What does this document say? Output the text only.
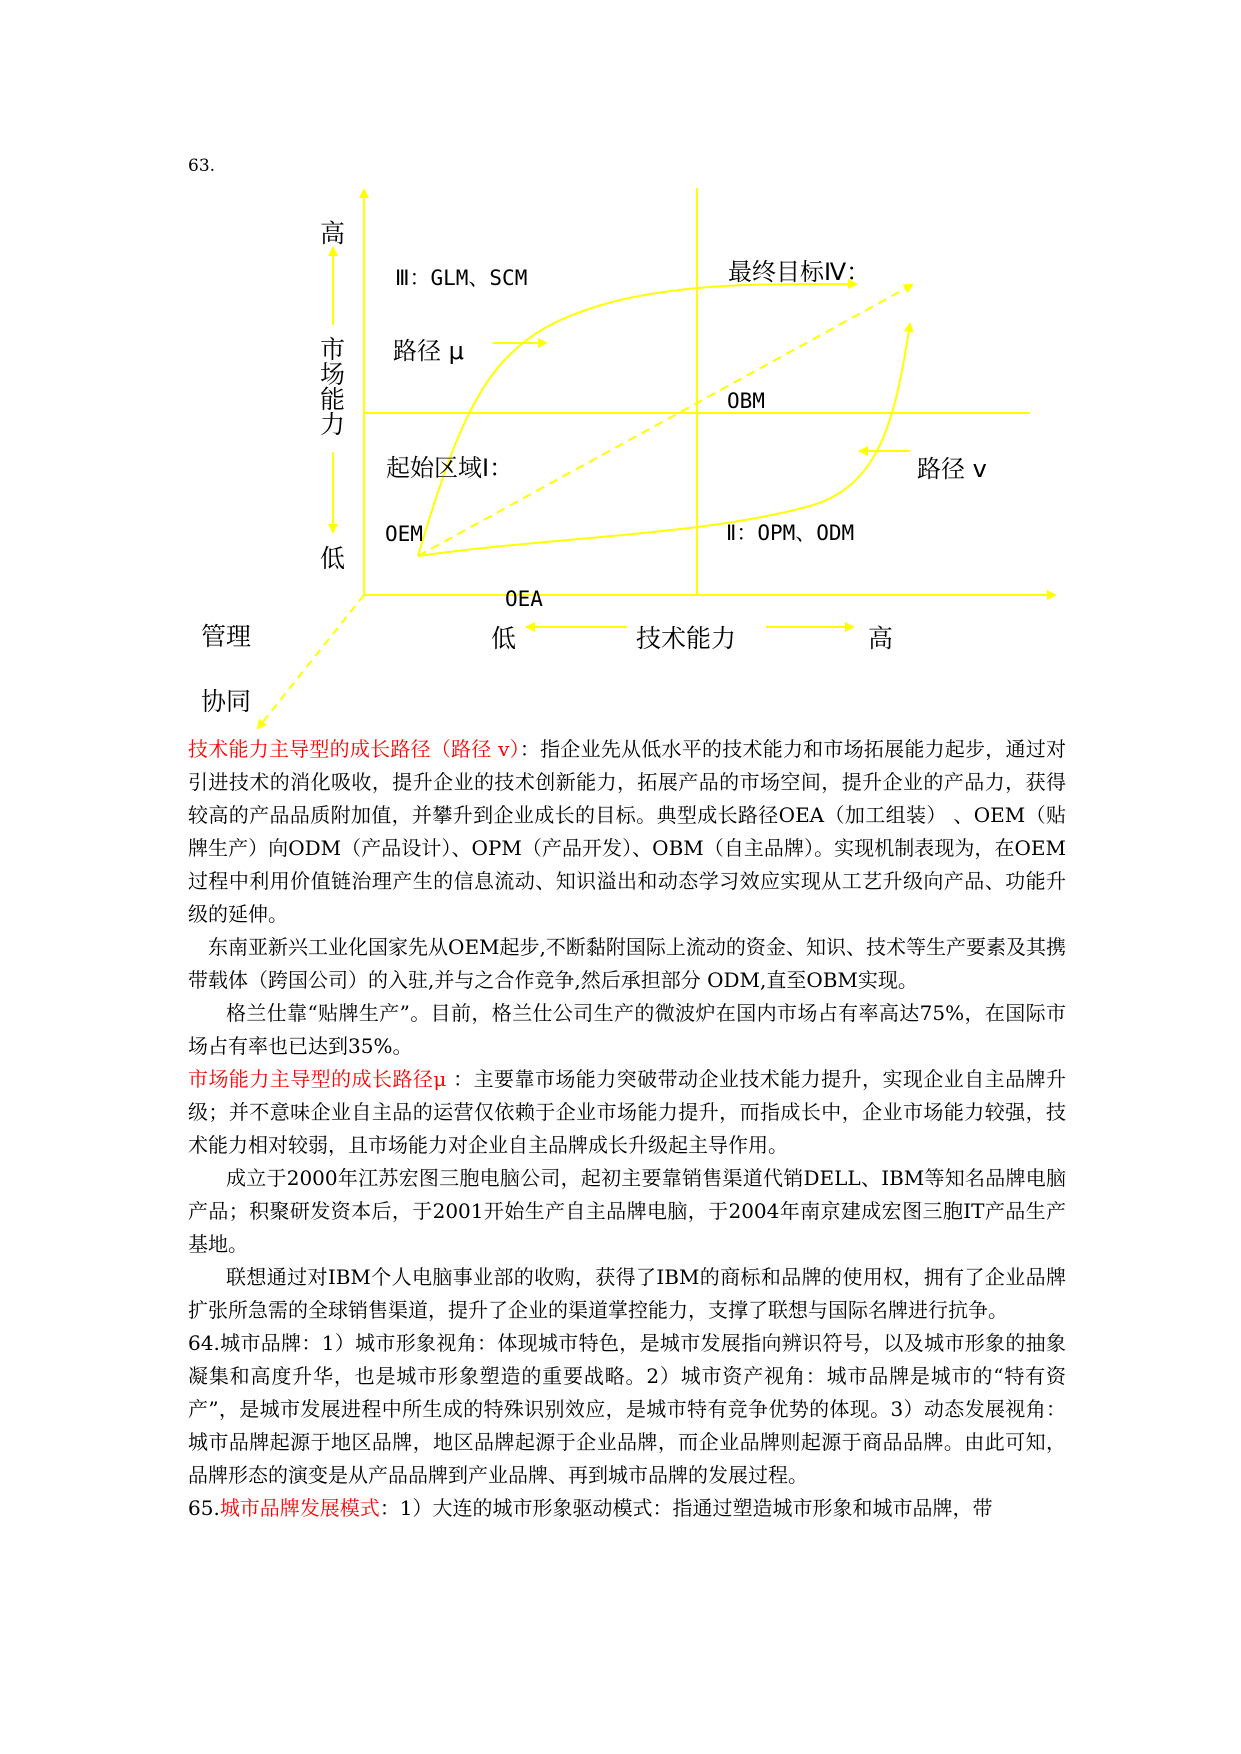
63.
高
市
场
能
力
低
Ⅲ：GLM、SCM	最终目标Ⅳ：
路径 μ
OBM
起始区域Ⅰ：	路径 v
OEM	Ⅱ：OPM、ODM
OEA
低	技术能力	高
管理
协同

技术能力主导型的成长路径（路径 v）：指企业先从低水平的技术能力和市场拓展能力起步，通过对引进技术的消化吸收，提升企业的技术创新能力，拓展产品的市场空间，提升企业的产品力，获得较高的产品品质附加值，并攀升到企业成长的目标。典型成长路径OEA（加工组装） 、OEM（贴牌生产）向ODM（产品设计）、OPM（产品开发）、OBM（自主品牌）。实现机制表现为，在OEM过程中利用价值链治理产生的信息流动、知识溢出和动态学习效应实现从工艺升级向产品、功能升级的延伸。

东南亚新兴工业化国家先从OEM起步,不断黏附国际上流动的资金、知识、技术等生产要素及其携带载体（跨国公司）的入驻,并与之合作竞争,然后承担部分 ODM,直至OBM实现。

格兰仕靠“贴牌生产”。目前，格兰仕公司生产的微波炉在国内市场占有率高达75%，在国际市场占有率也已达到35%。

市场能力主导型的成长路径μ ：主要靠市场能力突破带动企业技术能力提升，实现企业自主品牌升级；并不意味企业自主品的运营仅依赖于企业市场能力提升，而指成长中，企业市场能力较强，技术能力相对较弱，且市场能力对企业自主品牌成长升级起主导作用。

成立于2000年江苏宏图三胞电脑公司，起初主要靠销售渠道代销DELL、IBM等知名品牌电脑产品；积聚研发资本后，于2001开始生产自主品牌电脑，于2004年南京建成宏图三胞IT产品生产基地。

联想通过对IBM个人电脑事业部的收购，获得了IBM的商标和品牌的使用权，拥有了企业品牌扩张所急需的全球销售渠道，提升了企业的渠道掌控能力，支撑了联想与国际名牌进行抗争。

64.城市品牌：1）城市形象视角：体现城市特色，是城市发展指向辨识符号，以及城市形象的抽象凝集和高度升华，也是城市形象塑造的重要战略。2）城市资产视角：城市品牌是城市的“特有资产”，是城市发展进程中所生成的特殊识别效应，是城市特有竞争优势的体现。3）动态发展视角：城市品牌起源于地区品牌，地区品牌起源于企业品牌，而企业品牌则起源于商品品牌。由此可知，品牌形态的演变是从产品品牌到产业品牌、再到城市品牌的发展过程。

65.城市品牌发展模式：1）大连的城市形象驱动模式：指通过塑造城市形象和城市品牌，带
